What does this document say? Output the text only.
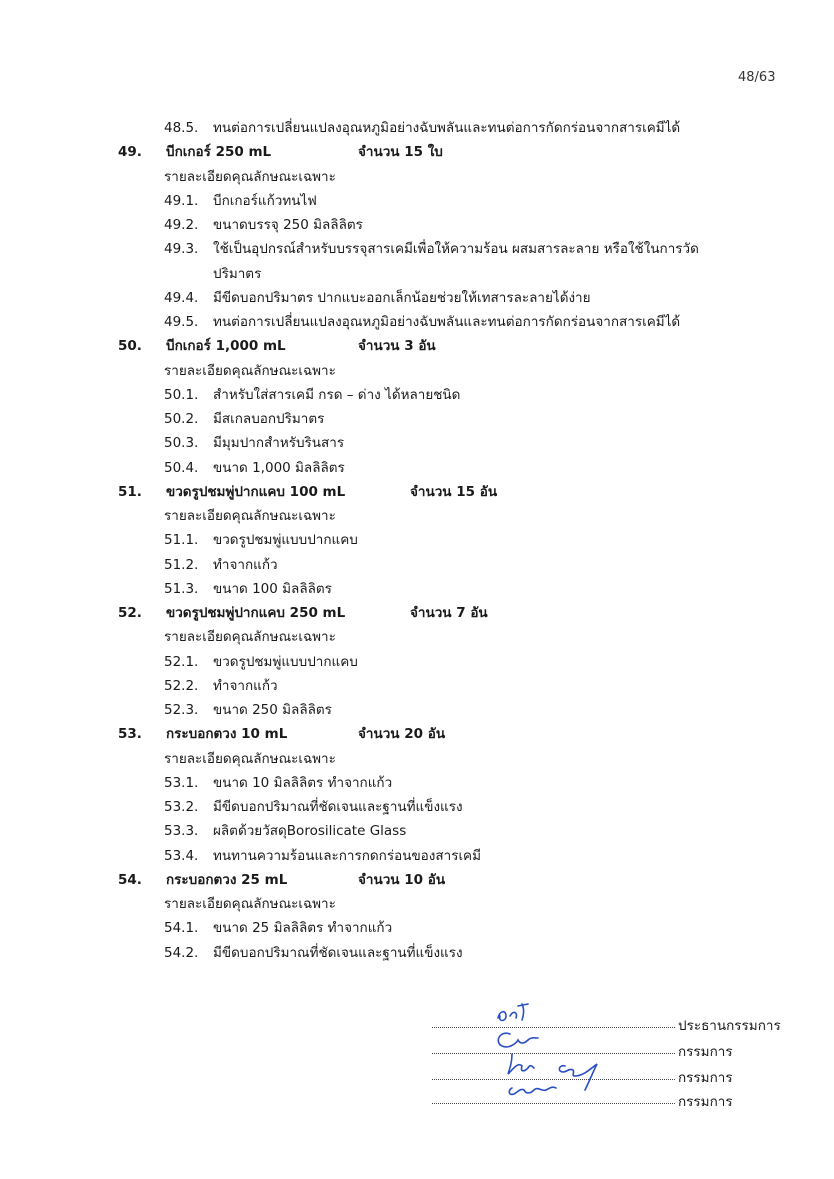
48/63
48.5. ทนต่อการเปลี่ยนแปลงอุณหภูมิอย่างฉับพลันและทนต่อการกัดกร่อนจากสารเคมีได้
49. บีกเกอร์ 250 mL	จำนวน 15 ใบ
รายละเอียดคุณลักษณะเฉพาะ
49.1. บีกเกอร์แก้วทนไฟ
49.2. ขนาดบรรจุ 250 มิลลิลิตร
49.3. ใช้เป็นอุปกรณ์สำหรับบรรจุสารเคมีเพื่อให้ความร้อน ผสมสารละลาย หรือใช้ในการวัด
ปริมาตร
49.4. มีขีดบอกปริมาตร ปากแบะออกเล็กน้อยช่วยให้เทสารละลายได้ง่าย
49.5. ทนต่อการเปลี่ยนแปลงอุณหภูมิอย่างฉับพลันและทนต่อการกัดกร่อนจากสารเคมีได้
50. บีกเกอร์ 1,000 mL	จำนวน 3 อัน
รายละเอียดคุณลักษณะเฉพาะ
50.1. สำหรับใส่สารเคมี กรด – ด่าง ได้หลายชนิด
50.2. มีสเกลบอกปริมาตร
50.3. มีมุมปากสำหรับรินสาร
50.4. ขนาด 1,000 มิลลิลิตร
51. ขวดรูปชมพู่ปากแคบ 100 mL	จำนวน 15 อัน
รายละเอียดคุณลักษณะเฉพาะ
51.1. ขวดรูปชมพู่แบบปากแคบ
51.2. ทำจากแก้ว
51.3. ขนาด 100 มิลลิลิตร
52. ขวดรูปชมพู่ปากแคบ 250 mL	จำนวน 7 อัน
รายละเอียดคุณลักษณะเฉพาะ
52.1. ขวดรูปชมพู่แบบปากแคบ
52.2. ทำจากแก้ว
52.3. ขนาด 250 มิลลิลิตร
53. กระบอกตวง 10 mL	จำนวน 20 อัน
รายละเอียดคุณลักษณะเฉพาะ
53.1. ขนาด 10 มิลลิลิตร ทำจากแก้ว
53.2. มีขีดบอกปริมาณที่ชัดเจนและฐานที่แข็งแรง
53.3. ผลิตด้วยวัสดุBorosilicate Glass
53.4. ทนทานความร้อนและการกดกร่อนของสารเคมี
54. กระบอกตวง 25 mL	จำนวน 10 อัน
รายละเอียดคุณลักษณะเฉพาะ
54.1. ขนาด 25 มิลลิลิตร ทำจากแก้ว
54.2. มีขีดบอกปริมาณที่ชัดเจนและฐานที่แข็งแรง
ประธานกรรมการ
กรรมการ
กรรมการ
กรรมการ
